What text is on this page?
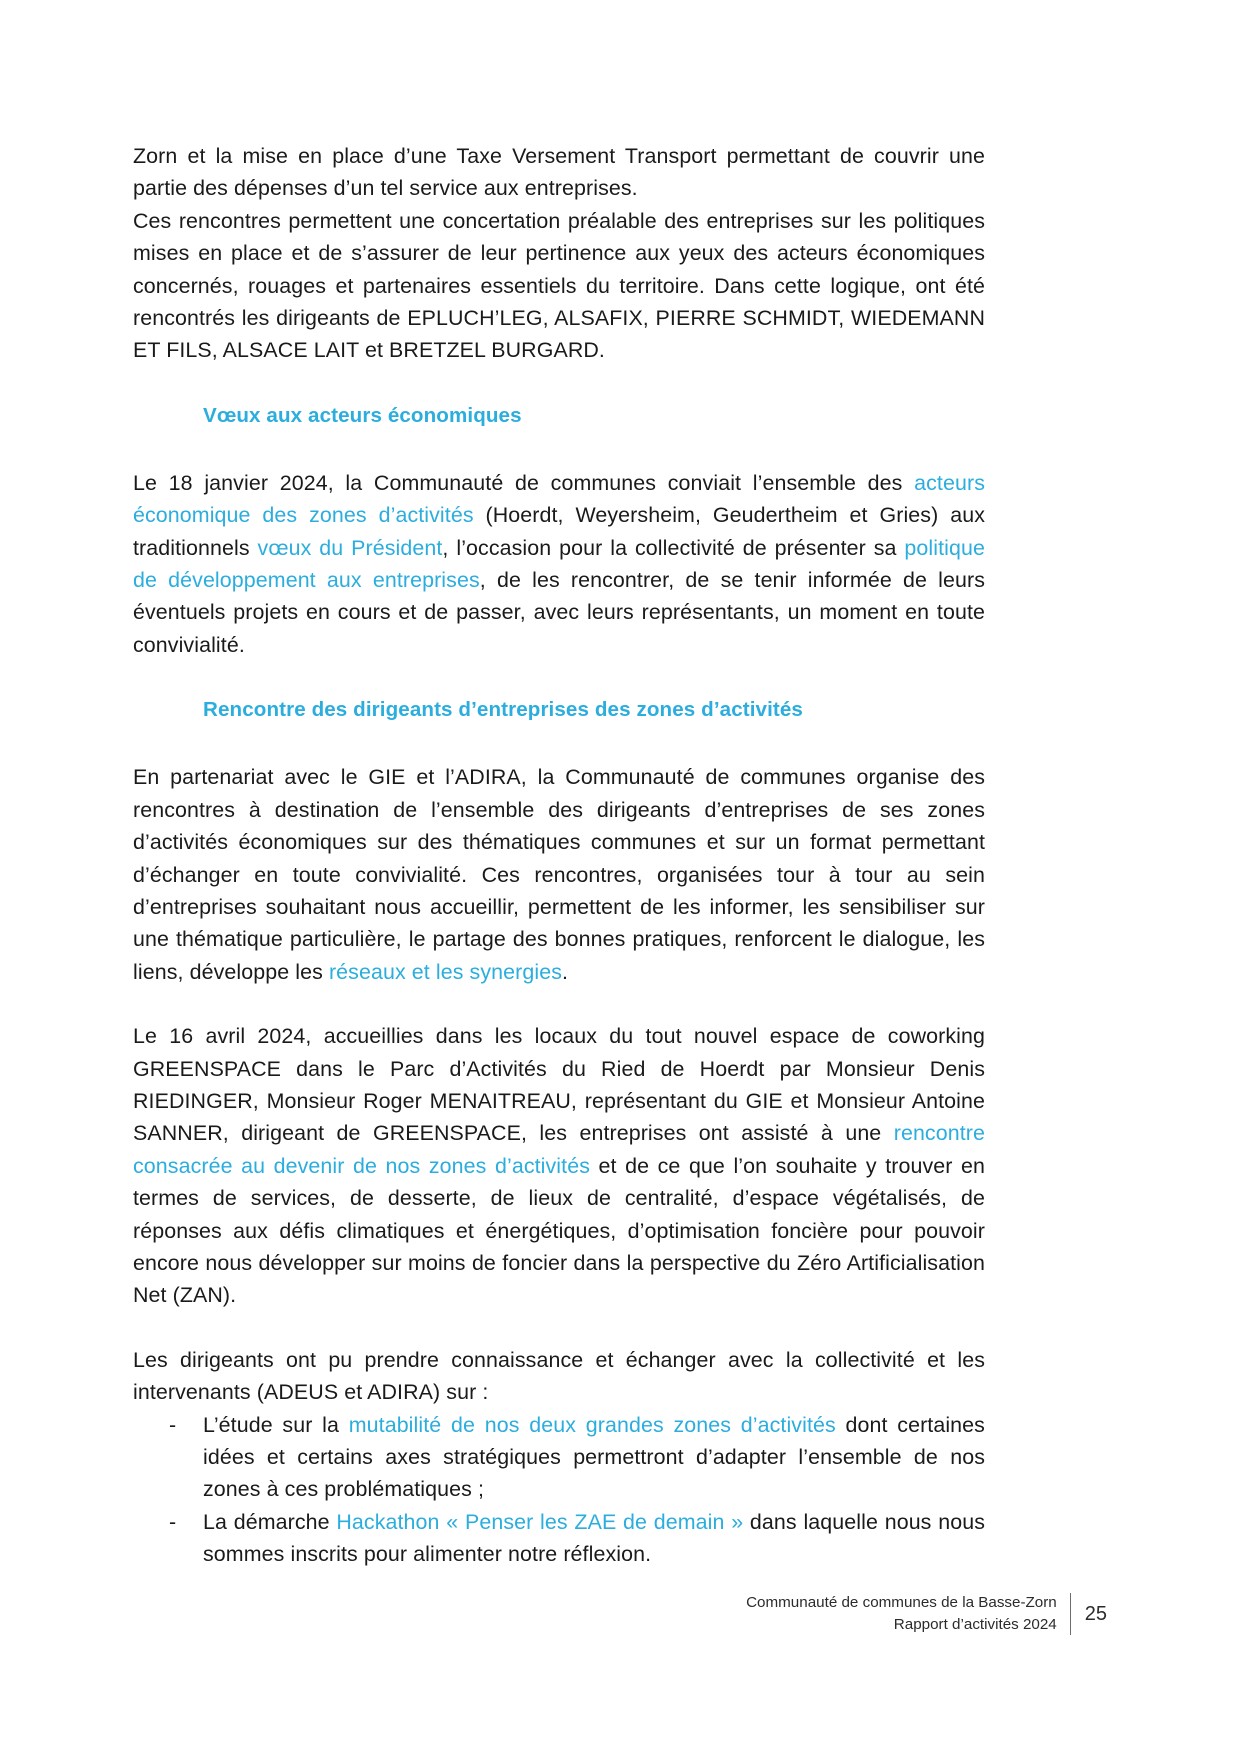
Zorn et la mise en place d’une Taxe Versement Transport permettant de couvrir une partie des dépenses d’un tel service aux entreprises.

Ces rencontres permettent une concertation préalable des entreprises sur les politiques mises en place et de s’assurer de leur pertinence aux yeux des acteurs économiques concernés, rouages et partenaires essentiels du territoire. Dans cette logique, ont été rencontrés les dirigeants de EPLUCH’LEG, ALSAFIX, PIERRE SCHMIDT, WIEDEMANN ET FILS, ALSACE LAIT et BRETZEL BURGARD.

Vœux aux acteurs économiques

Le 18 janvier 2024, la Communauté de communes conviait l’ensemble des acteurs économique des zones d’activités (Hoerdt, Weyersheim, Geudertheim et Gries) aux traditionnels vœux du Président, l’occasion pour la collectivité de présenter sa politique de développement aux entreprises, de les rencontrer, de se tenir informée de leurs éventuels projets en cours et de passer, avec leurs représentants, un moment en toute convivialité.

Rencontre des dirigeants d’entreprises des zones d’activités

En partenariat avec le GIE et l’ADIRA, la Communauté de communes organise des rencontres à destination de l’ensemble des dirigeants d’entreprises de ses zones d’activités économiques sur des thématiques communes et sur un format permettant d’échanger en toute convivialité. Ces rencontres, organisées tour à tour au sein d’entreprises souhaitant nous accueillir, permettent de les informer, les sensibiliser sur une thématique particulière, le partage des bonnes pratiques, renforcent le dialogue, les liens, développe les réseaux et les synergies.

Le 16 avril 2024, accueillies dans les locaux du tout nouvel espace de coworking GREENSPACE dans le Parc d’Activités du Ried de Hoerdt par Monsieur Denis RIEDINGER, Monsieur Roger MENAITREAU, représentant du GIE et Monsieur Antoine SANNER, dirigeant de GREENSPACE, les entreprises ont assisté à une rencontre consacrée au devenir de nos zones d’activités et de ce que l’on souhaite y trouver en termes de services, de desserte, de lieux de centralité, d’espace végétalisés, de réponses aux défis climatiques et énergétiques, d’optimisation foncière pour pouvoir encore nous développer sur moins de foncier dans la perspective du Zéro Artificialisation Net (ZAN).

Les dirigeants ont pu prendre connaissance et échanger avec la collectivité et les intervenants (ADEUS et ADIRA) sur :

- L’étude sur la mutabilité de nos deux grandes zones d’activités dont certaines idées et certains axes stratégiques permettront d’adapter l’ensemble de nos zones à ces problématiques ;
- La démarche Hackathon « Penser les ZAE de demain » dans laquelle nous nous sommes inscrits pour alimenter notre réflexion.
Communauté de communes de la Basse-Zorn
Rapport d’activités 2024	25
